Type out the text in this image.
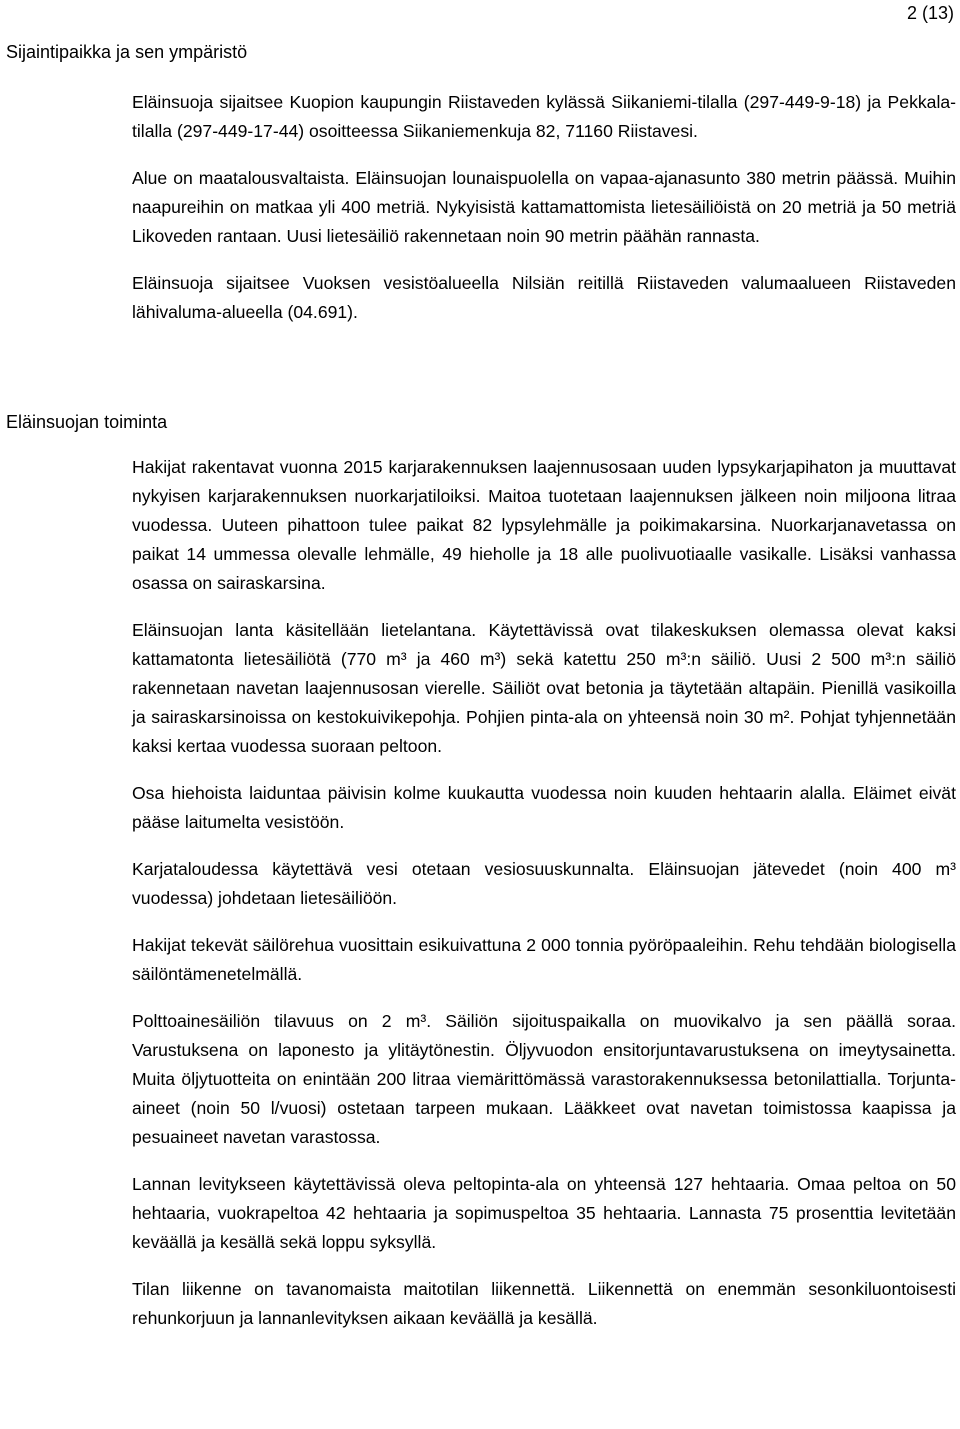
2 (13)
Sijaintipaikka ja sen ympäristö

Eläinsuoja sijaitsee Kuopion kaupungin Riistaveden kylässä Siikaniemi-tilalla (297-449-9-18) ja Pekkala-tilalla (297-449-17-44) osoitteessa Siikaniemenkuja 82, 71160 Riistavesi.

Alue on maatalousvaltaista. Eläinsuojan lounaispuolella on vapaa-ajanasunto 380 metrin päässä. Muihin naapureihin on matkaa yli 400 metriä. Nykyisistä kattamattomista lietesäiliöistä on 20 metriä ja 50 metriä Likoveden rantaan. Uusi lietesäiliö rakennetaan noin 90 metrin päähän rannasta.

Eläinsuoja sijaitsee Vuoksen vesistöalueella Nilsiän reitillä Riistaveden valumaalueen Riistaveden lähivaluma-alueella (04.691).

Eläinsuojan toiminta

Hakijat rakentavat vuonna 2015 karjarakennuksen laajennusosaan uuden lypsykarjapihaton ja muuttavat nykyisen karjarakennuksen nuorkarjatiloiksi. Maitoa tuotetaan laajennuksen jälkeen noin miljoona litraa vuodessa. Uuteen pihattoon tulee paikat 82 lypsylehmälle ja poikimakarsina. Nuorkarjanavetassa on paikat 14 ummessa olevalle lehmälle, 49 hieholle ja 18 alle puolivuotiaalle vasikalle. Lisäksi vanhassa osassa on sairaskarsina.

Eläinsuojan lanta käsitellään lietelantana. Käytettävissä ovat tilakeskuksen olemassa olevat kaksi kattamatonta lietesäiliötä (770 m³ ja 460 m³) sekä katettu 250 m³:n säiliö. Uusi 2 500 m³:n säiliö rakennetaan navetan laajennusosan vierelle. Säiliöt ovat betonia ja täytetään altapäin. Pienillä vasikoilla ja sairaskarsinoissa on kestokuivikepohja. Pohjien pinta-ala on yhteensä noin 30 m². Pohjat tyhjennetään kaksi kertaa vuodessa suoraan peltoon.

Osa hiehoista laiduntaa päivisin kolme kuukautta vuodessa noin kuuden hehtaarin alalla. Eläimet eivät pääse laitumelta vesistöön.

Karjataloudessa käytettävä vesi otetaan vesiosuuskunnalta. Eläinsuojan jätevedet (noin 400 m³ vuodessa) johdetaan lietesäiliöön.

Hakijat tekevät säilörehua vuosittain esikuivattuna 2 000 tonnia pyöröpaaleihin. Rehu tehdään biologisella säilöntämenetelmällä.

Polttoainesäiliön tilavuus on 2 m³. Säiliön sijoituspaikalla on muovikalvo ja sen päällä soraa. Varustuksena on laponesto ja ylitäytönestin. Öljyvuodon ensitorjuntavarustuksena on imeytysainetta. Muita öljytuotteita on enintään 200 litraa viemärittömässä varastorakennuksessa betonilattialla. Torjunta-aineet (noin 50 l/vuosi) ostetaan tarpeen mukaan. Lääkkeet ovat navetan toimistossa kaapissa ja pesuaineet navetan varastossa.

Lannan levitykseen käytettävissä oleva peltopinta-ala on yhteensä 127 hehtaaria. Omaa peltoa on 50 hehtaaria, vuokrapeltoa 42 hehtaaria ja sopimuspeltoa 35 hehtaaria. Lannasta 75 prosenttia levitetään keväällä ja kesällä sekä loppu syksyllä.

Tilan liikenne on tavanomaista maitotilan liikennettä. Liikennettä on enemmän sesonkiluontoisesti rehunkorjuun ja lannanlevityksen aikaan keväällä ja kesällä.
